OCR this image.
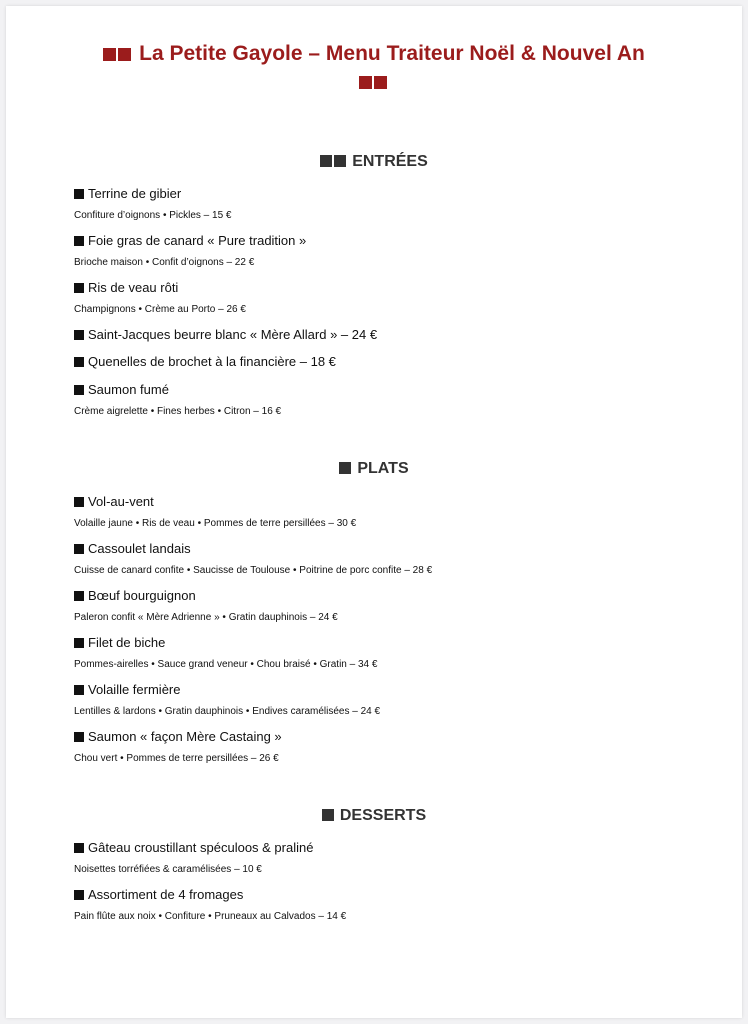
La Petite Gayole – Menu Traiteur Noël & Nouvel An
ENTRÉES
Terrine de gibier
Confiture d’oignons • Pickles – 15 €
Foie gras de canard « Pure tradition »
Brioche maison • Confit d’oignons – 22 €
Ris de veau rôti
Champignons • Crème au Porto – 26 €
Saint-Jacques beurre blanc « Mère Allard » – 24 €
Quenelles de brochet à la financière – 18 €
Saumon fumé
Crème aigrelette • Fines herbes • Citron – 16 €
PLATS
Vol-au-vent
Volaille jaune • Ris de veau • Pommes de terre persillées – 30 €
Cassoulet landais
Cuisse de canard confite • Saucisse de Toulouse • Poitrine de porc confite – 28 €
Bœuf bourguignon
Paleron confit « Mère Adrienne » • Gratin dauphinois – 24 €
Filet de biche
Pommes-airelles • Sauce grand veneur • Chou braisé • Gratin – 34 €
Volaille fermière
Lentilles & lardons • Gratin dauphinois • Endives caramélisées – 24 €
Saumon « façon Mère Castaing »
Chou vert • Pommes de terre persillées – 26 €
DESSERTS
Gâteau croustillant spéculoos & praliné
Noisettes torréfiées & caramélisées – 10 €
Assortiment de 4 fromages
Pain flûte aux noix • Confiture • Pruneaux au Calvados – 14 €
